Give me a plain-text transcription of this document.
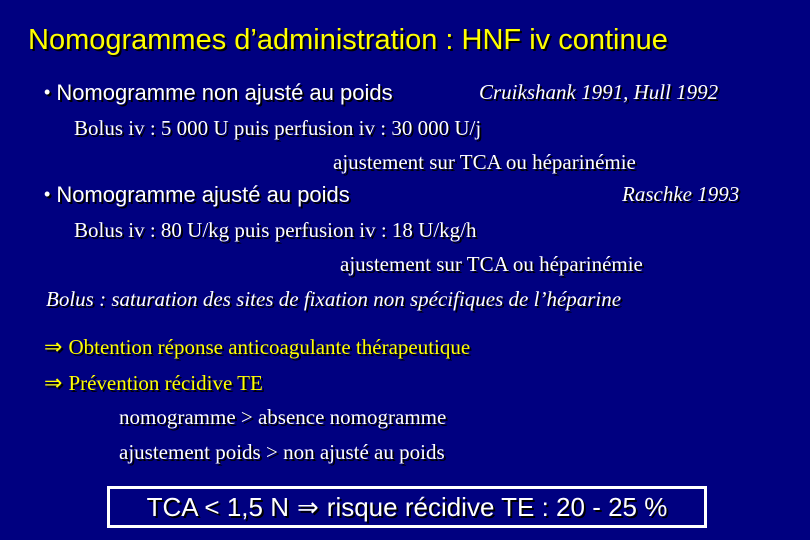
Nomogrammes d’administration : HNF iv continue
• Nomogramme non ajusté au poids	Cruikshank 1991, Hull 1992
Bolus iv : 5 000 U puis perfusion iv : 30 000 U/j
ajustement sur TCA ou héparinémie
• Nomogramme ajusté au poids	Raschke 1993
Bolus iv : 80 U/kg puis perfusion iv : 18 U/kg/h
ajustement sur TCA ou héparinémie
Bolus : saturation des sites de fixation non spécifiques de l’héparine
⇒ Obtention réponse anticoagulante thérapeutique
⇒ Prévention récidive TE
nomogramme > absence nomogramme
ajustement poids > non ajusté au poids
TCA < 1,5 N ⇒ risque récidive TE : 20 - 25 %
